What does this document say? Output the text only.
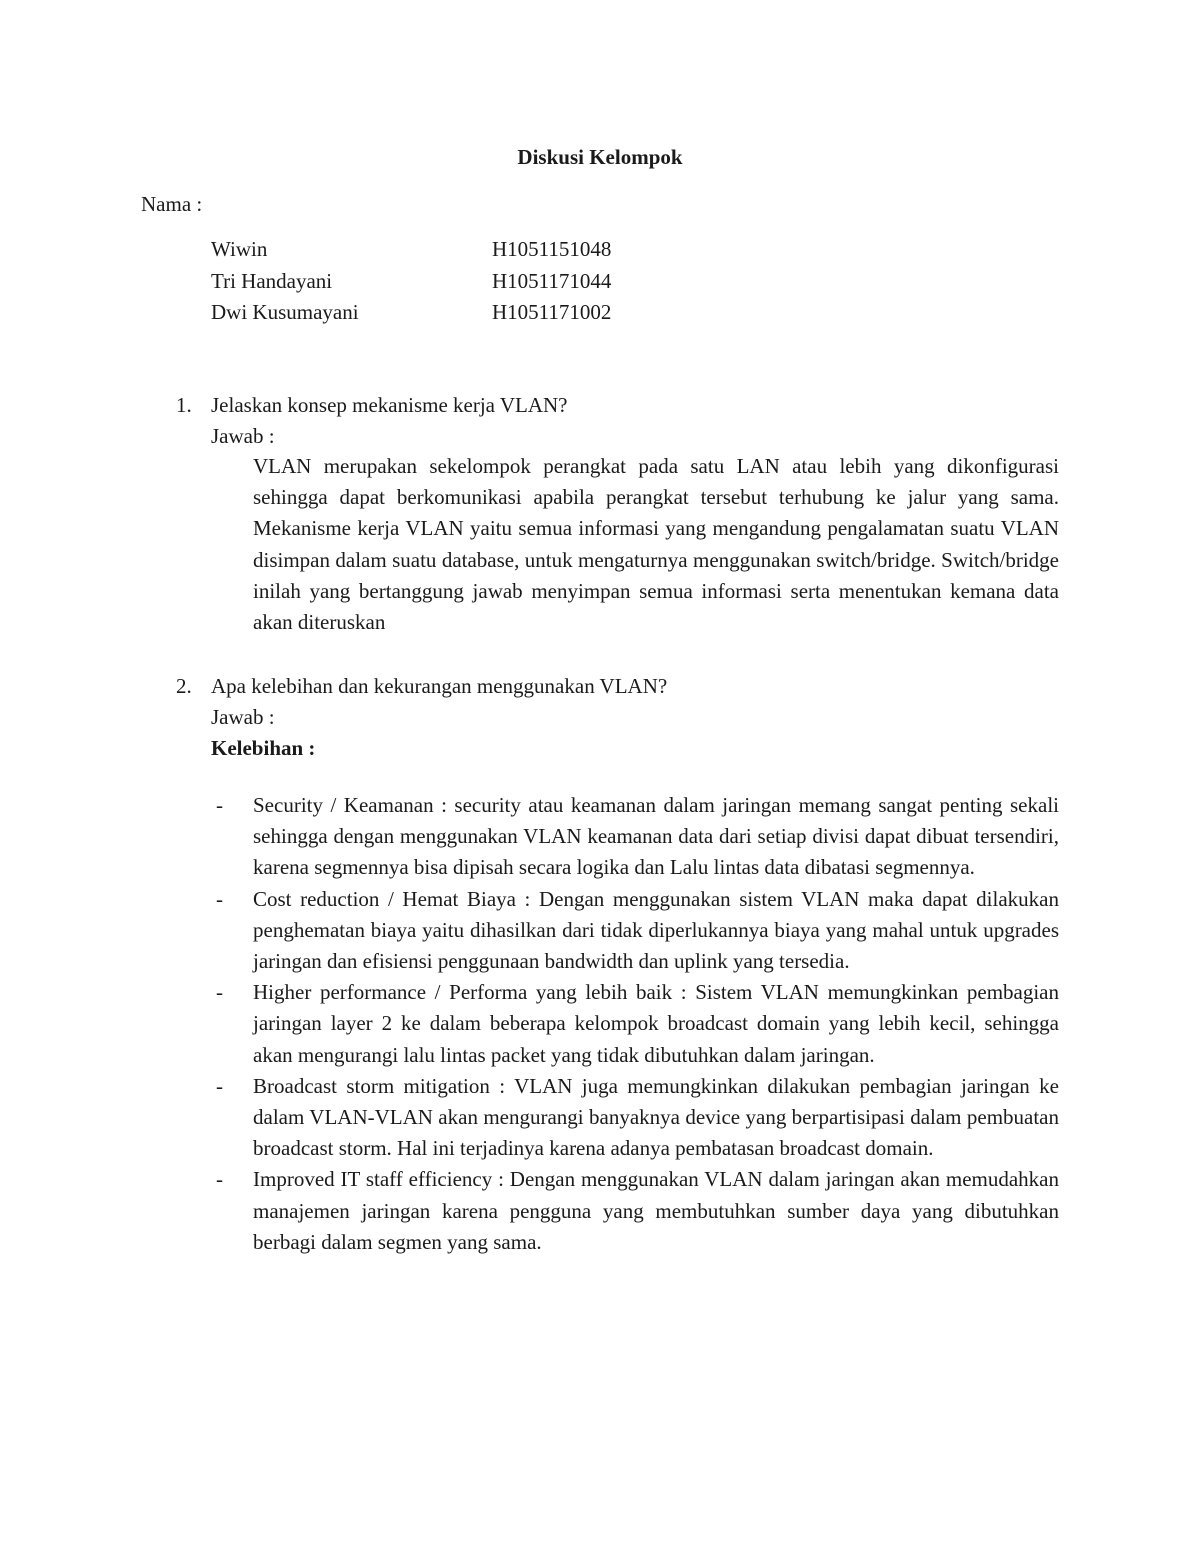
Diskusi Kelompok
Nama :
Wiwin	H1051151048
Tri Handayani	H1051171044
Dwi Kusumayani	H1051171002
1. Jelaskan konsep mekanisme kerja VLAN?
Jawab :

VLAN merupakan sekelompok perangkat pada satu LAN atau lebih yang dikonfigurasi sehingga dapat berkomunikasi apabila perangkat tersebut terhubung ke jalur yang sama. Mekanisme kerja VLAN yaitu semua informasi yang mengandung pengalamatan suatu VLAN disimpan dalam suatu database, untuk mengaturnya menggunakan switch/bridge. Switch/bridge inilah yang bertanggung jawab menyimpan semua informasi serta menentukan kemana data akan diteruskan

2. Apa kelebihan dan kekurangan menggunakan VLAN?
Jawab :
Kelebihan :
- Security / Keamanan : security atau keamanan dalam jaringan memang sangat penting sekali sehingga dengan menggunakan VLAN keamanan data dari setiap divisi dapat dibuat tersendiri, karena segmennya bisa dipisah secara logika dan Lalu lintas data dibatasi segmennya.
- Cost reduction / Hemat Biaya : Dengan menggunakan sistem VLAN maka dapat dilakukan penghematan biaya yaitu dihasilkan dari tidak diperlukannya biaya yang mahal untuk upgrades jaringan dan efisiensi penggunaan bandwidth dan uplink yang tersedia.
- Higher performance / Performa yang lebih baik : Sistem VLAN memungkinkan pembagian jaringan layer 2 ke dalam beberapa kelompok broadcast domain yang lebih kecil, sehingga akan mengurangi lalu lintas packet yang tidak dibutuhkan dalam jaringan.
- Broadcast storm mitigation : VLAN juga memungkinkan dilakukan pembagian jaringan ke dalam VLAN-VLAN akan mengurangi banyaknya device yang berpartisipasi dalam pembuatan broadcast storm. Hal ini terjadinya karena adanya pembatasan broadcast domain.
- Improved IT staff efficiency : Dengan menggunakan VLAN dalam jaringan akan memudahkan manajemen jaringan karena pengguna yang membutuhkan sumber daya yang dibutuhkan berbagi dalam segmen yang sama.
